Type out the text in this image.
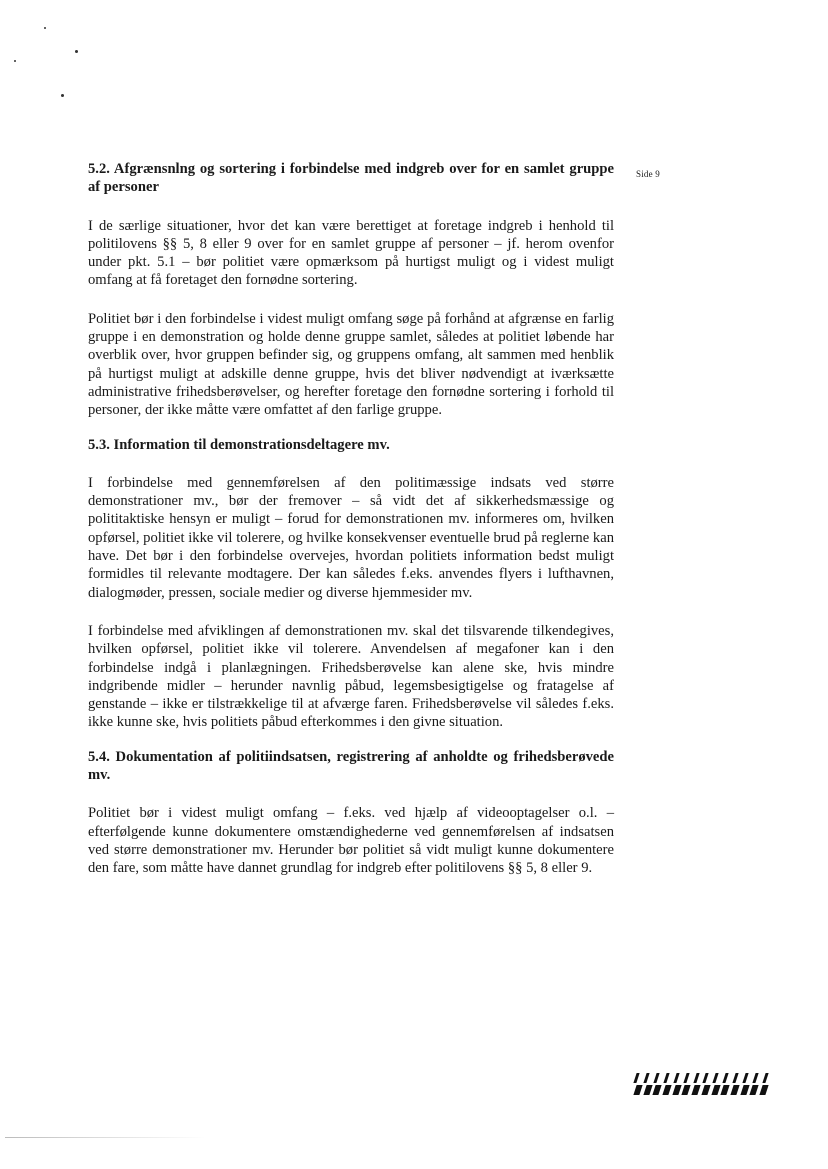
Side 9
5.2. Afgrænsnlng og sortering i forbindelse med indgreb over for en samlet gruppe af personer

I de særlige situationer, hvor det kan være berettiget at foretage indgreb i henhold til politilovens §§ 5, 8 eller 9 over for en samlet gruppe af personer – jf. herom ovenfor under pkt. 5.1 – bør politiet være opmærksom på hurtigst muligt og i videst muligt omfang at få foretaget den fornødne sortering.

Politiet bør i den forbindelse i videst muligt omfang søge på forhånd at afgrænse en farlig gruppe i en demonstration og holde denne gruppe samlet, således at politiet løbende har overblik over, hvor gruppen befinder sig, og gruppens omfang, alt sammen med henblik på hurtigst muligt at adskille denne gruppe, hvis det bliver nødvendigt at iværksætte administrative frihedsberøvelser, og herefter foretage den fornødne sortering i forhold til personer, der ikke måtte være omfattet af den farlige gruppe.

5.3. Information til demonstrationsdeltagere mv.

I forbindelse med gennemførelsen af den politimæssige indsats ved større demonstrationer mv., bør der fremover – så vidt det af sikkerhedsmæssige og polititaktiske hensyn er muligt – forud for demonstrationen mv. informeres om, hvilken opførsel, politiet ikke vil tolerere, og hvilke konsekvenser eventuelle brud på reglerne kan have. Det bør i den forbindelse overvejes, hvordan politiets information bedst muligt formidles til relevante modtagere. Der kan således f.eks. anvendes flyers i lufthavnen, dialogmøder, pressen, sociale medier og diverse hjemmesider mv.

I forbindelse med afviklingen af demonstrationen mv. skal det tilsvarende tilkendegives, hvilken opførsel, politiet ikke vil tolerere. Anvendelsen af megafoner kan i den forbindelse indgå i planlægningen. Frihedsberøvelse kan alene ske, hvis mindre indgribende midler – herunder navnlig påbud, legemsbesigtigelse og fratagelse af genstande – ikke er tilstrækkelige til at afværge faren. Frihedsberøvelse vil således f.eks. ikke kunne ske, hvis politiets påbud efterkommes i den givne situation.

5.4. Dokumentation af politiindsatsen, registrering af anholdte og frihedsberøvede mv.

Politiet bør i videst muligt omfang – f.eks. ved hjælp af videooptagelser o.l. – efterfølgende kunne dokumentere omstændighederne ved gennemførelsen af indsatsen ved større demonstrationer mv. Herunder bør politiet så vidt muligt kunne dokumentere den fare, som måtte have dannet grundlag for indgreb efter politilovens §§ 5, 8 eller 9.
